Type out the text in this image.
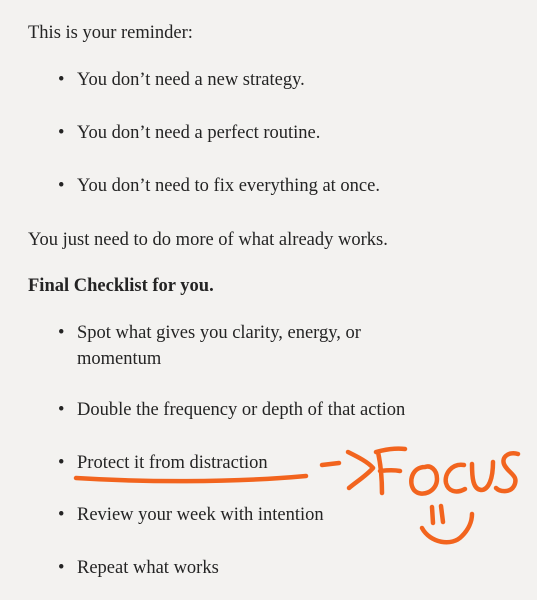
This is your reminder:

• You don’t need a new strategy.
• You don’t need a perfect routine.
• You don’t need to fix everything at once.

You just need to do more of what already works.

Final Checklist for you.

• Spot what gives you clarity, energy, or momentum
• Double the frequency or depth of that action
• Protect it from distraction
• Review your week with intention
• Repeat what works
